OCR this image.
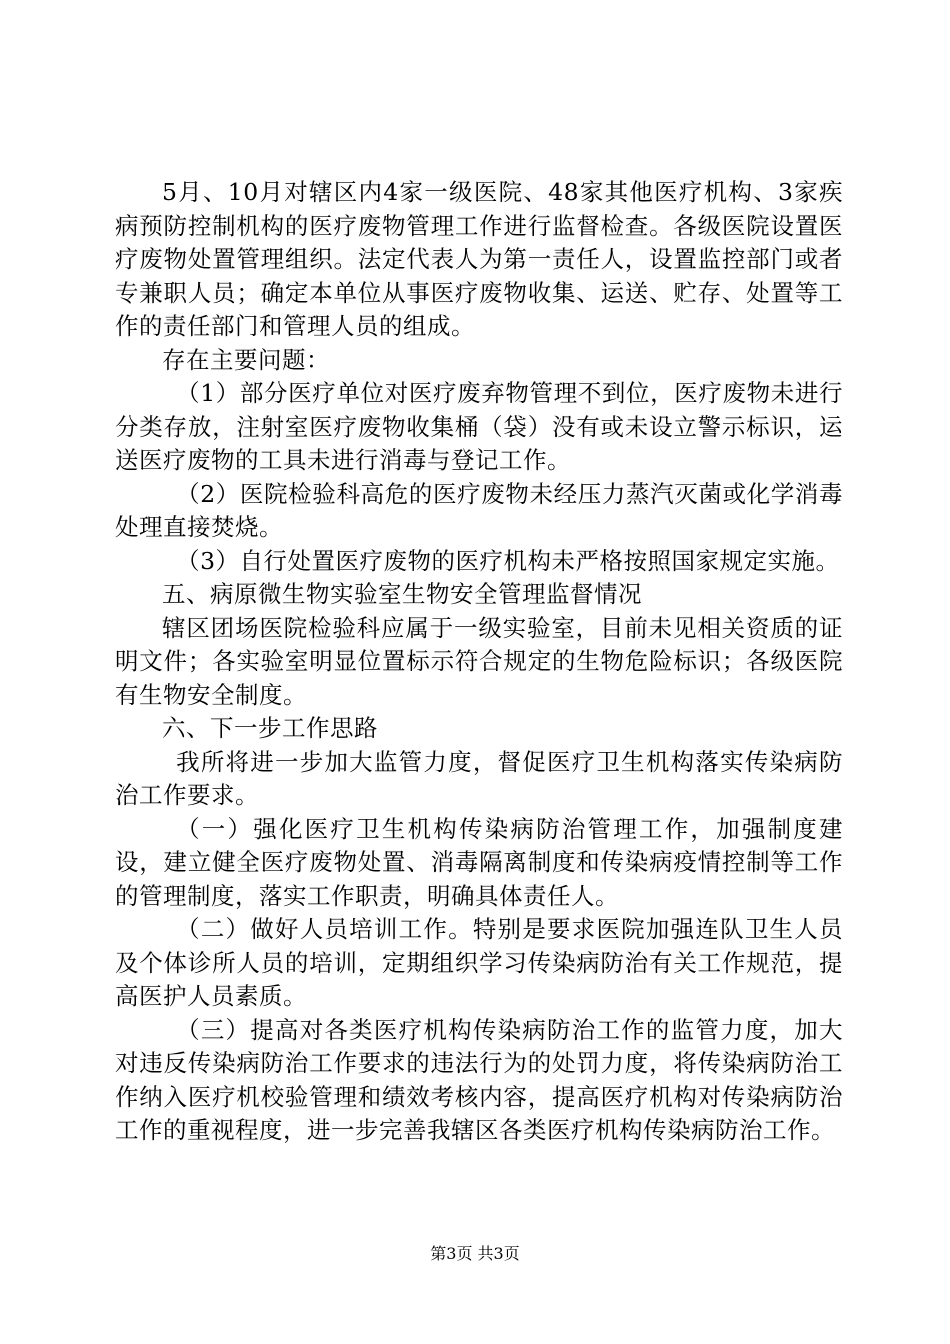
5月、10月对辖区内4家一级医院、48家其他医疗机构、3家疾病预防控制机构的医疗废物管理工作进行监督检查。各级医院设置医疗废物处置管理组织。法定代表人为第一责任人，设置监控部门或者专兼职人员；确定本单位从事医疗废物收集、运送、贮存、处置等工作的责任部门和管理人员的组成。

存在主要问题：

（1）部分医疗单位对医疗废弃物管理不到位，医疗废物未进行分类存放，注射室医疗废物收集桶（袋）没有或未设立警示标识，运送医疗废物的工具未进行消毒与登记工作。

（2）医院检验科高危的医疗废物未经压力蒸汽灭菌或化学消毒处理直接焚烧。

（3）自行处置医疗废物的医疗机构未严格按照国家规定实施。

五、病原微生物实验室生物安全管理监督情况

辖区团场医院检验科应属于一级实验室，目前未见相关资质的证明文件；各实验室明显位置标示符合规定的生物危险标识；各级医院有生物安全制度。

六、下一步工作思路

我所将进一步加大监管力度，督促医疗卫生机构落实传染病防治工作要求。

（一）强化医疗卫生机构传染病防治管理工作，加强制度建设，建立健全医疗废物处置、消毒隔离制度和传染病疫情控制等工作的管理制度，落实工作职责，明确具体责任人。

（二）做好人员培训工作。特别是要求医院加强连队卫生人员及个体诊所人员的培训，定期组织学习传染病防治有关工作规范，提高医护人员素质。

（三）提高对各类医疗机构传染病防治工作的监管力度，加大对违反传染病防治工作要求的违法行为的处罚力度，将传染病防治工作纳入医疗机校验管理和绩效考核内容，提高医疗机构对传染病防治工作的重视程度，进一步完善我辖区各类医疗机构传染病防治工作。

第3页 共3页
